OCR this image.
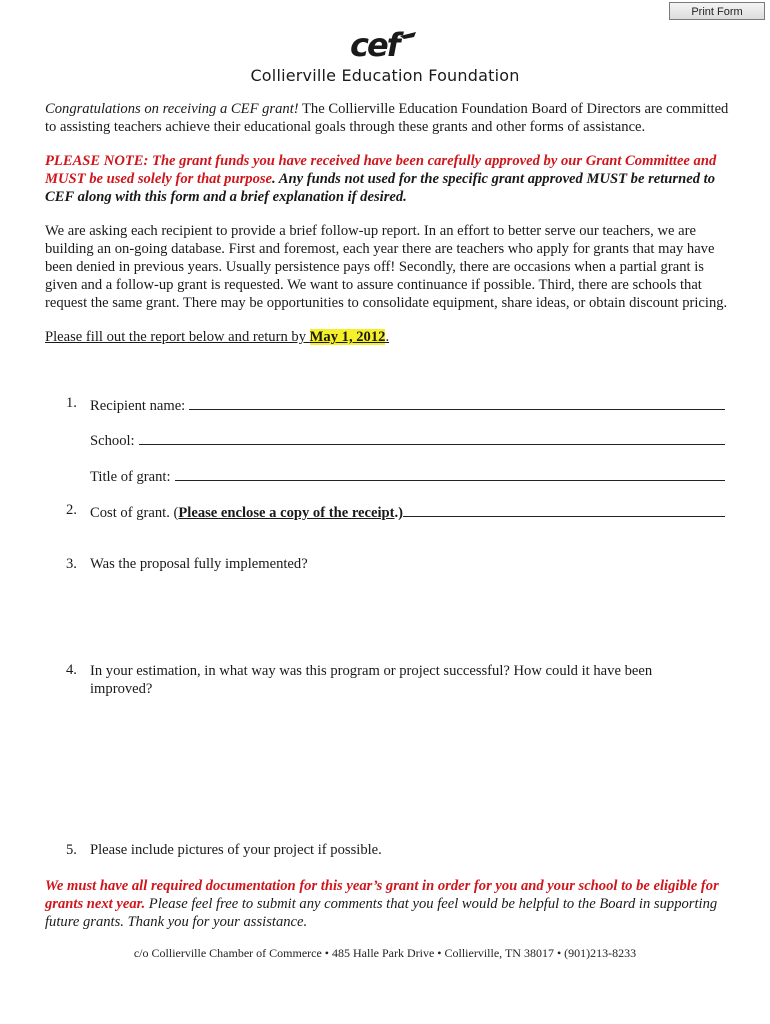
Print Form
cef
Collierville Education Foundation

Congratulations on receiving a CEF grant! The Collierville Education Foundation Board of Directors are committed to assisting teachers achieve their educational goals through these grants and other forms of assistance.

PLEASE NOTE: The grant funds you have received have been carefully approved by our Grant Committee and MUST be used solely for that purpose. Any funds not used for the specific grant approved MUST be returned to CEF along with this form and a brief explanation if desired.

We are asking each recipient to provide a brief follow-up report. In an effort to better serve our teachers, we are building an on-going database. First and foremost, each year there are teachers who apply for grants that may have been denied in previous years. Usually persistence pays off! Secondly, there are occasions when a partial grant is given and a follow-up grant is requested. We want to assure continuance if possible. Third, there are schools that request the same grant. There may be opportunities to consolidate equipment, share ideas, or obtain discount pricing.

Please fill out the report below and return by May 1, 2012.

1. Recipient name:
School:
Title of grant:
2. Cost of grant. (Please enclose a copy of the receipt.)
3. Was the proposal fully implemented?
4. In your estimation, in what way was this program or project successful? How could it have been improved?
5. Please include pictures of your project if possible.

We must have all required documentation for this year’s grant in order for you and your school to be eligible for grants next year. Please feel free to submit any comments that you feel would be helpful to the Board in supporting future grants. Thank you for your assistance.

c/o Collierville Chamber of Commerce • 485 Halle Park Drive • Collierville, TN 38017 • (901)213-8233
